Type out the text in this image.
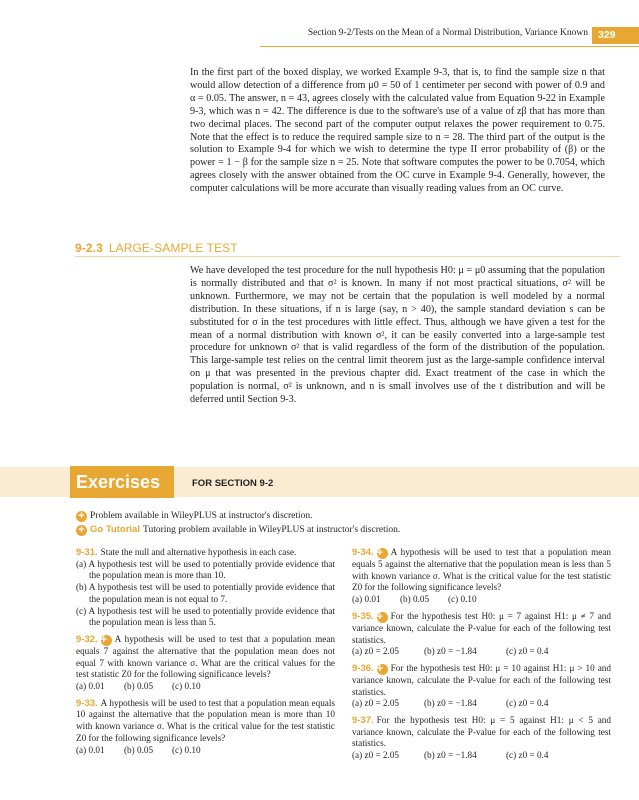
Section 9-2/Tests on the Mean of a Normal Distribution, Variance Known 329
In the first part of the boxed display, we worked Example 9-3, that is, to find the sample size n that would allow detection of a difference from μ0 = 50 of 1 centimeter per second with power of 0.9 and α = 0.05. The answer, n = 43, agrees closely with the calculated value from Equation 9-22 in Example 9-3, which was n = 42. The difference is due to the software's use of a value of zβ that has more than two decimal places. The second part of the computer output relaxes the power requirement to 0.75. Note that the effect is to reduce the required sample size to n = 28. The third part of the output is the solution to Example 9-4 for which we wish to determine the type II error probability of (β) or the power = 1 − β for the sample size n = 25. Note that software computes the power to be 0.7054, which agrees closely with the answer obtained from the OC curve in Example 9-4. Generally, however, the computer calculations will be more accurate than visually reading values from an OC curve.
9-2.3 LARGE-SAMPLE TEST
We have developed the test procedure for the null hypothesis H0: μ = μ0 assuming that the population is normally distributed and that σ² is known. In many if not most practical situations, σ² will be unknown. Furthermore, we may not be certain that the population is well modeled by a normal distribution. In these situations, if n is large (say, n > 40), the sample standard deviation s can be substituted for σ in the test procedures with little effect. Thus, although we have given a test for the mean of a normal distribution with known σ², it can be easily converted into a large-sample test procedure for unknown σ² that is valid regardless of the form of the distribution of the population. This large-sample test relies on the central limit theorem just as the large-sample confidence interval on μ that was presented in the previous chapter did. Exact treatment of the case in which the population is normal, σ² is unknown, and n is small involves use of the t distribution and will be deferred until Section 9-3.
Exercises	FOR SECTION 9-2
+ Problem available in WileyPLUS at instructor's discretion.
+ Go Tutorial Tutoring problem available in WileyPLUS at instructor's discretion.
9-31. State the null and alternative hypothesis in each case.
(a) A hypothesis test will be used to potentially provide evidence that the population mean is more than 10.
(b) A hypothesis test will be used to potentially provide evidence that the population mean is not equal to 7.
(c) A hypothesis test will be used to potentially provide evidence that the population mean is less than 5.
9-32. + A hypothesis will be used to test that a population mean equals 7 against the alternative that the population mean does not equal 7 with known variance σ. What are the critical values for the test statistic Z0 for the following significance levels?
(a) 0.01 (b) 0.05 (c) 0.10
9-33. A hypothesis will be used to test that a population mean equals 10 against the alternative that the population mean is more than 10 with known variance σ. What is the critical value for the test statistic Z0 for the following significance levels?
(a) 0.01 (b) 0.05 (c) 0.10
9-34. + A hypothesis will be used to test that a population mean equals 5 against the alternative that the population mean is less than 5 with known variance σ. What is the critical value for the test statistic Z0 for the following significance levels?
(a) 0.01 (b) 0.05 (c) 0.10
9-35. + For the hypothesis test H0: μ = 7 against H1: μ ≠ 7 and variance known, calculate the P-value for each of the following test statistics.
(a) z0 = 2.05	(b) z0 = −1.84	(c) z0 = 0.4
9-36. + For the hypothesis test H0: μ = 10 against H1: μ > 10 and variance known, calculate the P-value for each of the following test statistics.
(a) z0 = 2.05	(b) z0 = −1.84	(c) z0 = 0.4
9-37. For the hypothesis test H0: μ = 5 against H1: μ < 5 and variance known, calculate the P-value for each of the following test statistics.
(a) z0 = 2.05	(b) z0 = −1.84	(c) z0 = 0.4
